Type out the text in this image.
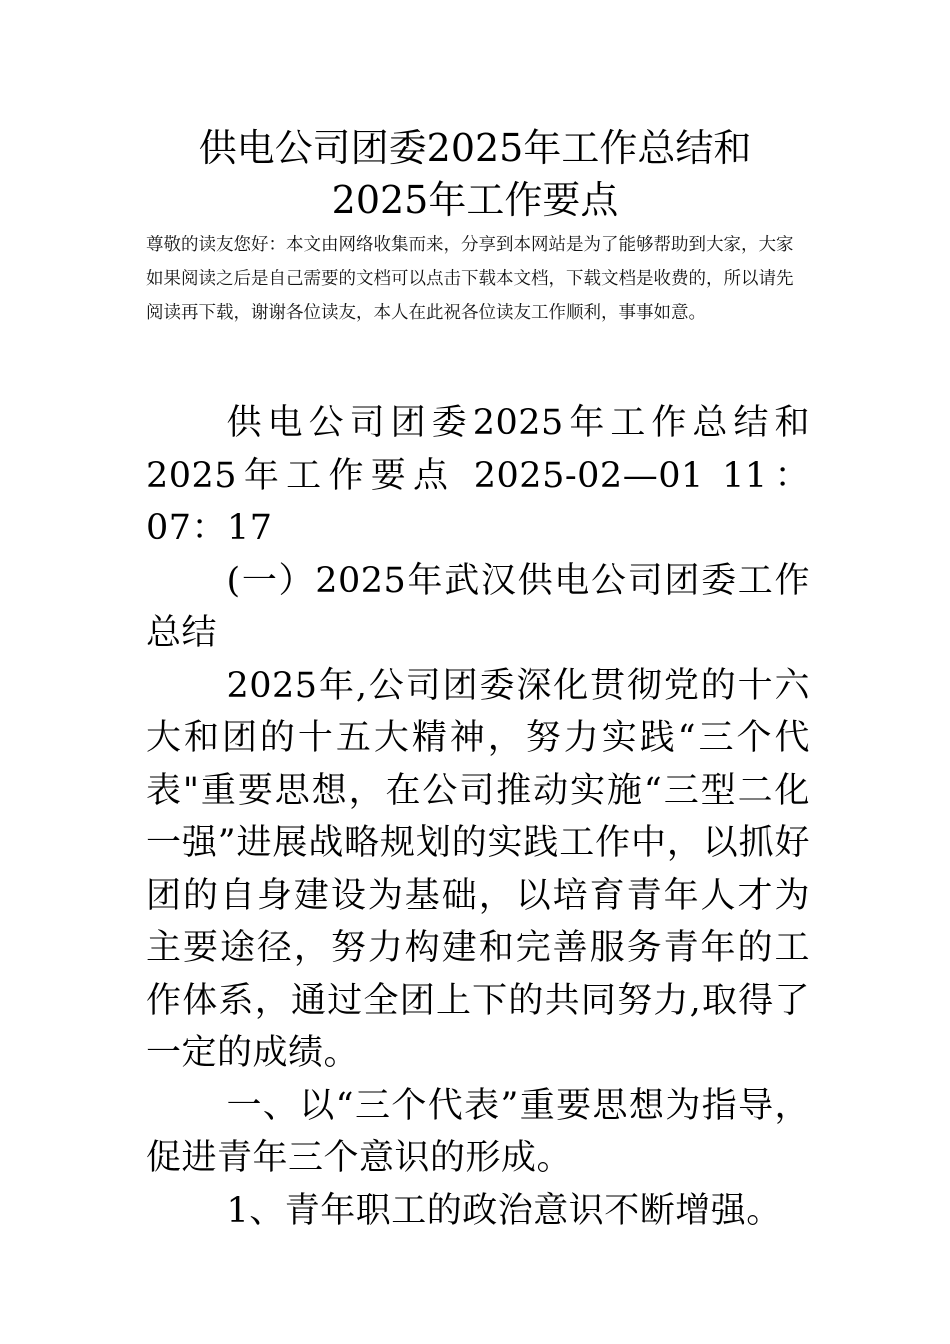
供电公司团委2025年工作总结和
2025年工作要点

尊敬的读友您好：本文由网络收集而来，分享到本网站是为了能够帮助到大家，大家如果阅读之后是自己需要的文档可以点击下载本文档，下载文档是收费的，所以请先阅读再下载，谢谢各位读友，本人在此祝各位读友工作顺利，事事如意。

供电公司团委2025年工作总结和2025年工作要点 2025-02—01 11：07：17

(一）2025年武汉供电公司团委工作总结

2025年,公司团委深化贯彻党的十六大和团的十五大精神，努力实践“三个代表"重要思想，在公司推动实施“三型二化一强”进展战略规划的实践工作中，以抓好团的自身建设为基础，以培育青年人才为主要途径，努力构建和完善服务青年的工作体系，通过全团上下的共同努力,取得了一定的成绩。

一、以“三个代表”重要思想为指导，促进青年三个意识的形成。

1、青年职工的政治意识不断增强。
